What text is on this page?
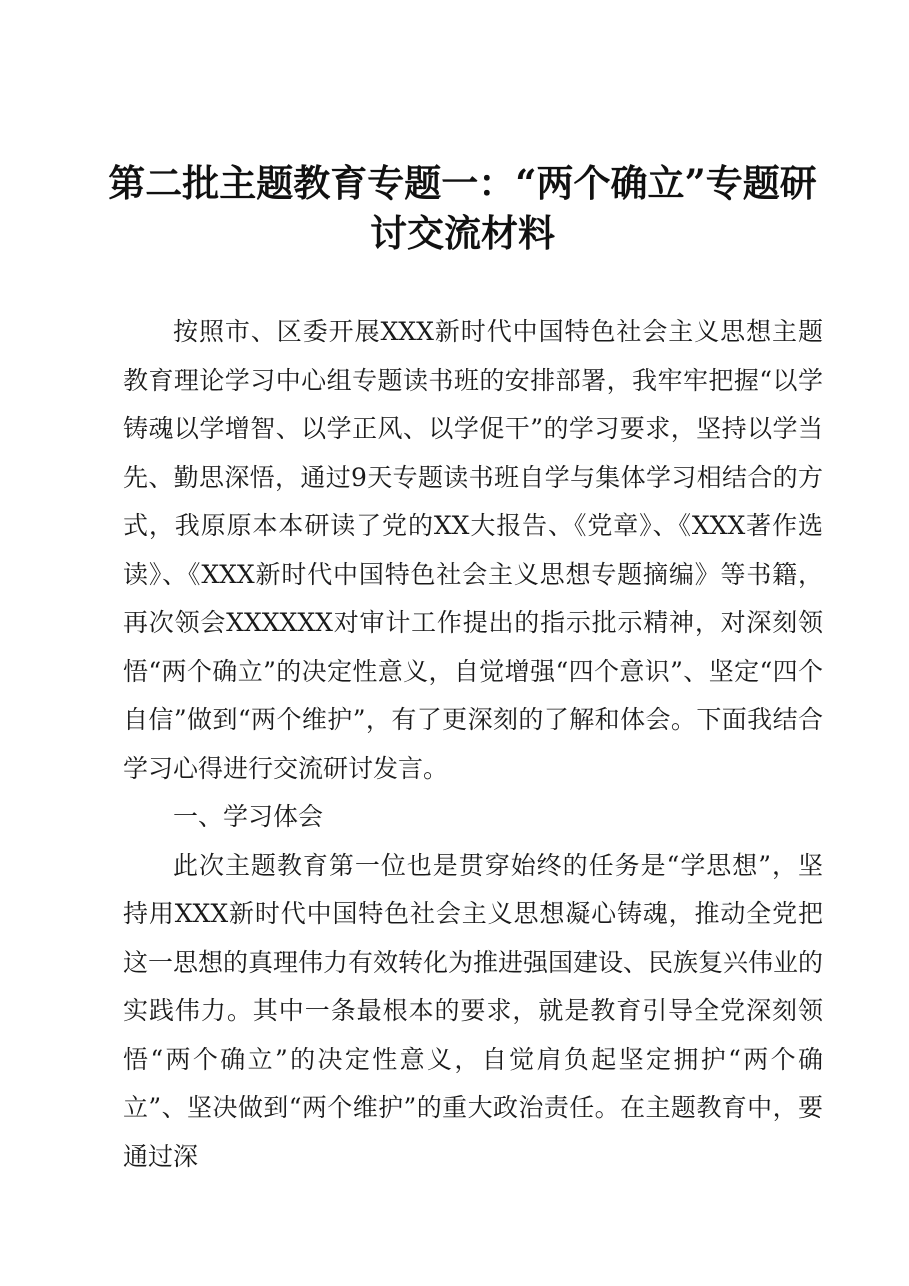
第二批主题教育专题一：“两个确立”专题研讨交流材料

按照市、区委开展XXX新时代中国特色社会主义思想主题教育理论学习中心组专题读书班的安排部署，我牢牢把握“以学铸魂以学增智、以学正风、以学促干”的学习要求，坚持以学当先、勤思深悟，通过9天专题读书班自学与集体学习相结合的方式，我原原本本研读了党的XX大报告、《党章》、《XXX著作选读》、《XXX新时代中国特色社会主义思想专题摘编》等书籍，再次领会XXXXXX对审计工作提出的指示批示精神，对深刻领悟“两个确立”的决定性意义，自觉增强“四个意识”、坚定“四个自信”做到“两个维护”，有了更深刻的了解和体会。下面我结合学习心得进行交流研讨发言。

一、学习体会

此次主题教育第一位也是贯穿始终的任务是“学思想”，坚持用XXX新时代中国特色社会主义思想凝心铸魂，推动全党把这一思想的真理伟力有效转化为推进强国建设、民族复兴伟业的实践伟力。其中一条最根本的要求，就是教育引导全党深刻领悟“两个确立”的决定性意义，自觉肩负起坚定拥护“两个确立”、坚决做到“两个维护”的重大政治责任。在主题教育中，要通过深
